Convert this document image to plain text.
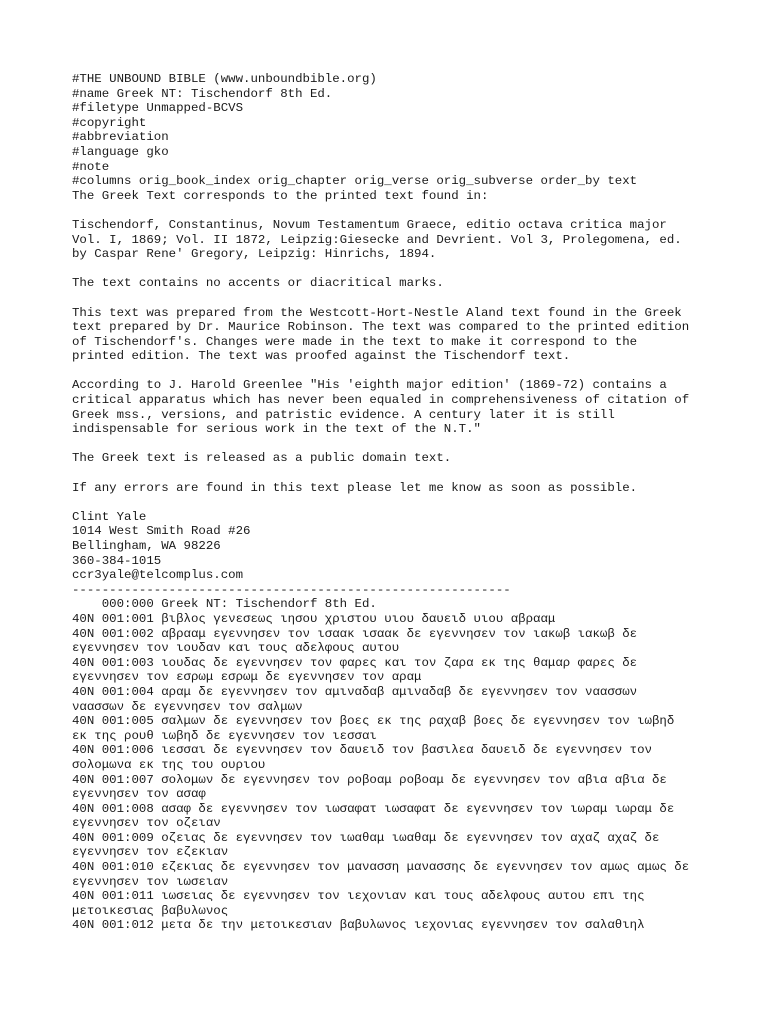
#THE UNBOUND BIBLE (www.unboundbible.org)
#name Greek NT: Tischendorf 8th Ed.
#filetype Unmapped-BCVS
#copyright
#abbreviation
#language gko
#note
#columns orig_book_index orig_chapter orig_verse orig_subverse order_by text
The Greek Text corresponds to the printed text found in:
Tischendorf, Constantinus, Novum Testamentum Graece, editio octava critica major
Vol. I, 1869; Vol. II 1872, Leipzig:Giesecke and Devrient. Vol 3, Prolegomena, ed.
by Caspar Rene' Gregory, Leipzig: Hinrichs, 1894.
The text contains no accents or diacritical marks.
This text was prepared from the Westcott-Hort-Nestle Aland text found in the Greek
text prepared by Dr. Maurice Robinson. The text was compared to the printed edition
of Tischendorf's. Changes were made in the text to make it correspond to the
printed edition. The text was proofed against the Tischendorf text.
According to J. Harold Greenlee "His 'eighth major edition' (1869-72) contains a
critical apparatus which has never been equaled in comprehensiveness of citation of
Greek mss., versions, and patristic evidence. A century later it is still
indispensable for serious work in the text of the N.T."
The Greek text is released as a public domain text.
If any errors are found in this text please let me know as soon as possible.
Clint Yale
1014 West Smith Road #26
Bellingham, WA 98226
360-384-1015
ccr3yale@telcomplus.com
-----------------------------------------------------------
000:000 Greek NT: Tischendorf 8th Ed.
40N 001:001 βιβλος γενεσεως ιησου χριστου υιου δαυειδ υιου αβρααμ
40N 001:002 αβρααμ εγεννησεν τον ισαακ ισαακ δε εγεννησεν τον ιακωβ ιακωβ δε
εγεννησεν τον ιουδαν και τους αδελφους αυτου
40N 001:003 ιουδας δε εγεννησεν τον φαρες και τον ζαρα εκ της θαμαρ φαρες δε
εγεννησεν τον εσρωμ εσρωμ δε εγεννησεν τον αραμ
40N 001:004 αραμ δε εγεννησεν τον αμιναδαβ αμιναδαβ δε εγεννησεν τον ναασσων
ναασσων δε εγεννησεν τον σαλμων
40N 001:005 σαλμων δε εγεννησεν τον βοες εκ της ραχαβ βοες δε εγεννησεν τον ιωβηδ
εκ της ρουθ ιωβηδ δε εγεννησεν τον ιεσσαι
40N 001:006 ιεσσαι δε εγεννησεν τον δαυειδ τον βασιλεα δαυειδ δε εγεννησεν τον
σολομωνα εκ της του ουριου
40N 001:007 σολομων δε εγεννησεν τον ροβοαμ ροβοαμ δε εγεννησεν τον αβια αβια δε
εγεννησεν τον ασαφ
40N 001:008 ασαφ δε εγεννησεν τον ιωσαφατ ιωσαφατ δε εγεννησεν τον ιωραμ ιωραμ δε
εγεννησεν τον οζειαν
40N 001:009 οζειας δε εγεννησεν τον ιωαθαμ ιωαθαμ δε εγεννησεν τον αχαζ αχαζ δε
εγεννησεν τον εζεκιαν
40N 001:010 εζεκιας δε εγεννησεν τον μανασση μανασσης δε εγεννησεν τον αμως αμως δε
εγεννησεν τον ιωσειαν
40N 001:011 ιωσειας δε εγεννησεν τον ιεχονιαν και τους αδελφους αυτου επι της
μετοικεσιας βαβυλωνος
40N 001:012 μετα δε την μετοικεσιαν βαβυλωνος ιεχονιας εγεννησεν τον σαλαθιηλ
